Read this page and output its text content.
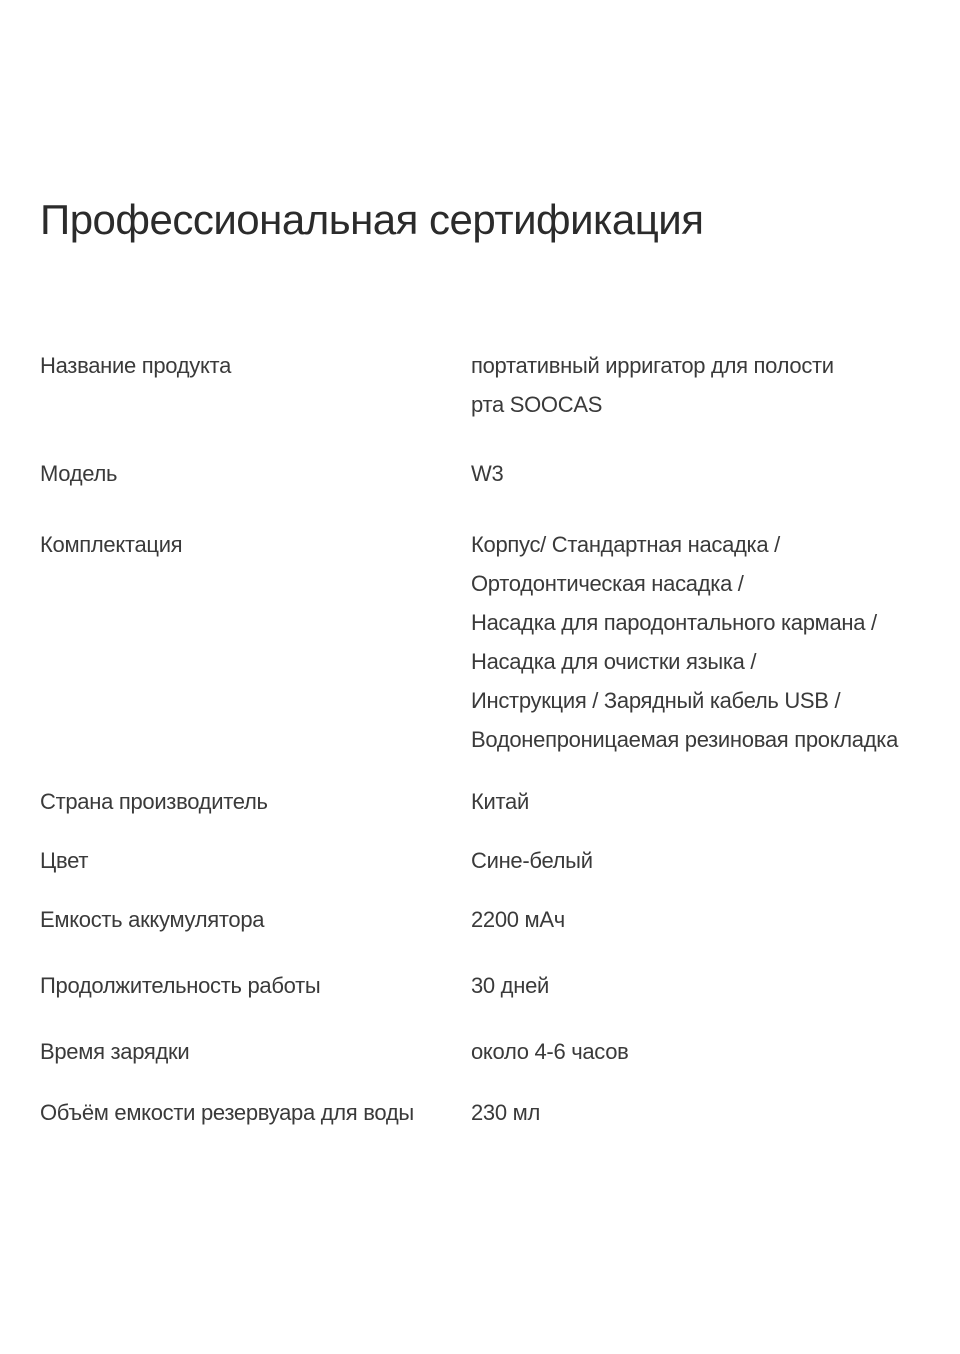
Профессиональная сертификация
Название продукта	портативный ирригатор для полости
рта SOOCAS
Модель	W3
Комплектация	Корпус/ Стандартная насадка /
Ортодонтическая насадка /
Насадка для пародонтального кармана /
Насадка для очистки языка /
Инструкция / Зарядный кабель USB /
Водонепроницаемая резиновая прокладка
Страна производитель	Китай
Цвет	Сине-белый
Емкость аккумулятора	2200 мАч
Продолжительность работы	30 дней
Время зарядки	около 4-6 часов
Объём емкости резервуара для воды	230 мл
